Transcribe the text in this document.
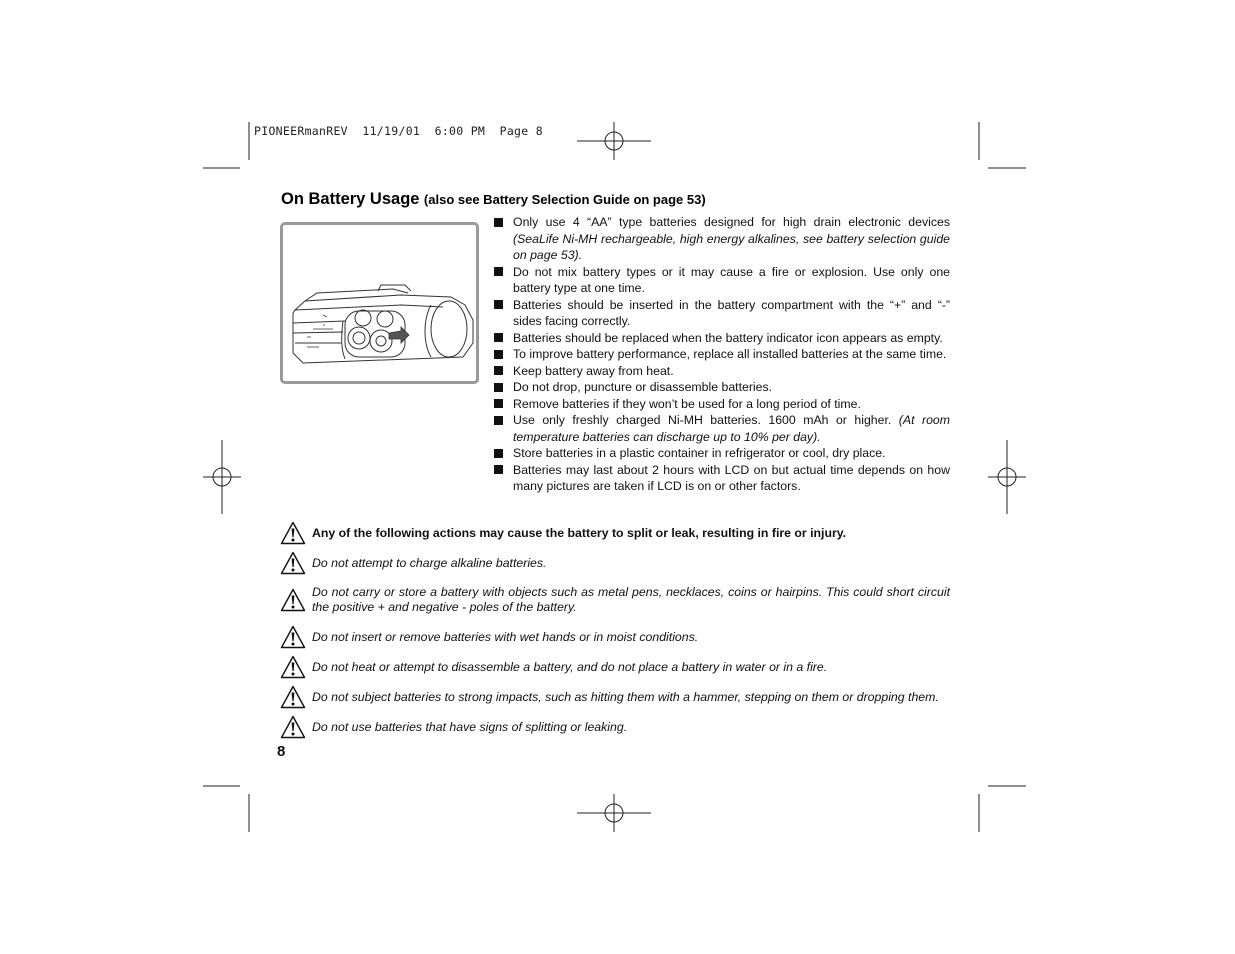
PIONEERmanREV  11/19/01  6:00 PM  Page 8
On Battery Usage (also see Battery Selection Guide on page 53)
Only use 4 “AA” type batteries designed for high drain electronic devices (SeaLife Ni-MH rechargeable, high energy alkalines, see battery selection guide on page 53).
Do not mix battery types or it may cause a fire or explosion. Use only one battery type at one time.
Batteries should be inserted in the battery compartment with the “+” and “-” sides facing correctly.
Batteries should be replaced when the battery indicator icon appears as empty.
To improve battery performance, replace all installed batteries at the same time.
Keep battery away from heat.
Do not drop, puncture or disassemble batteries.
Remove batteries if they won’t be used for a long period of time.
Use only freshly charged Ni-MH batteries. 1600 mAh or higher. (At room temperature batteries can discharge up to 10% per day).
Store batteries in a plastic container in refrigerator or cool, dry place.
Batteries may last about 2 hours with LCD on but actual time depends on how many pictures are taken if LCD is on or other factors.
Any of the following actions may cause the battery to split or leak, resulting in fire or injury.
Do not attempt to charge alkaline batteries.
Do not carry or store a battery with objects such as metal pens, necklaces, coins or hairpins. This could short circuit the positive + and negative - poles of the battery.
Do not insert or remove batteries with wet hands or in moist conditions.
Do not heat or attempt to disassemble a battery, and do not place a battery in water or in a fire.
Do not subject batteries to strong impacts, such as hitting them with a hammer, stepping on them or dropping them.
Do not use batteries that have signs of splitting or leaking.
8
